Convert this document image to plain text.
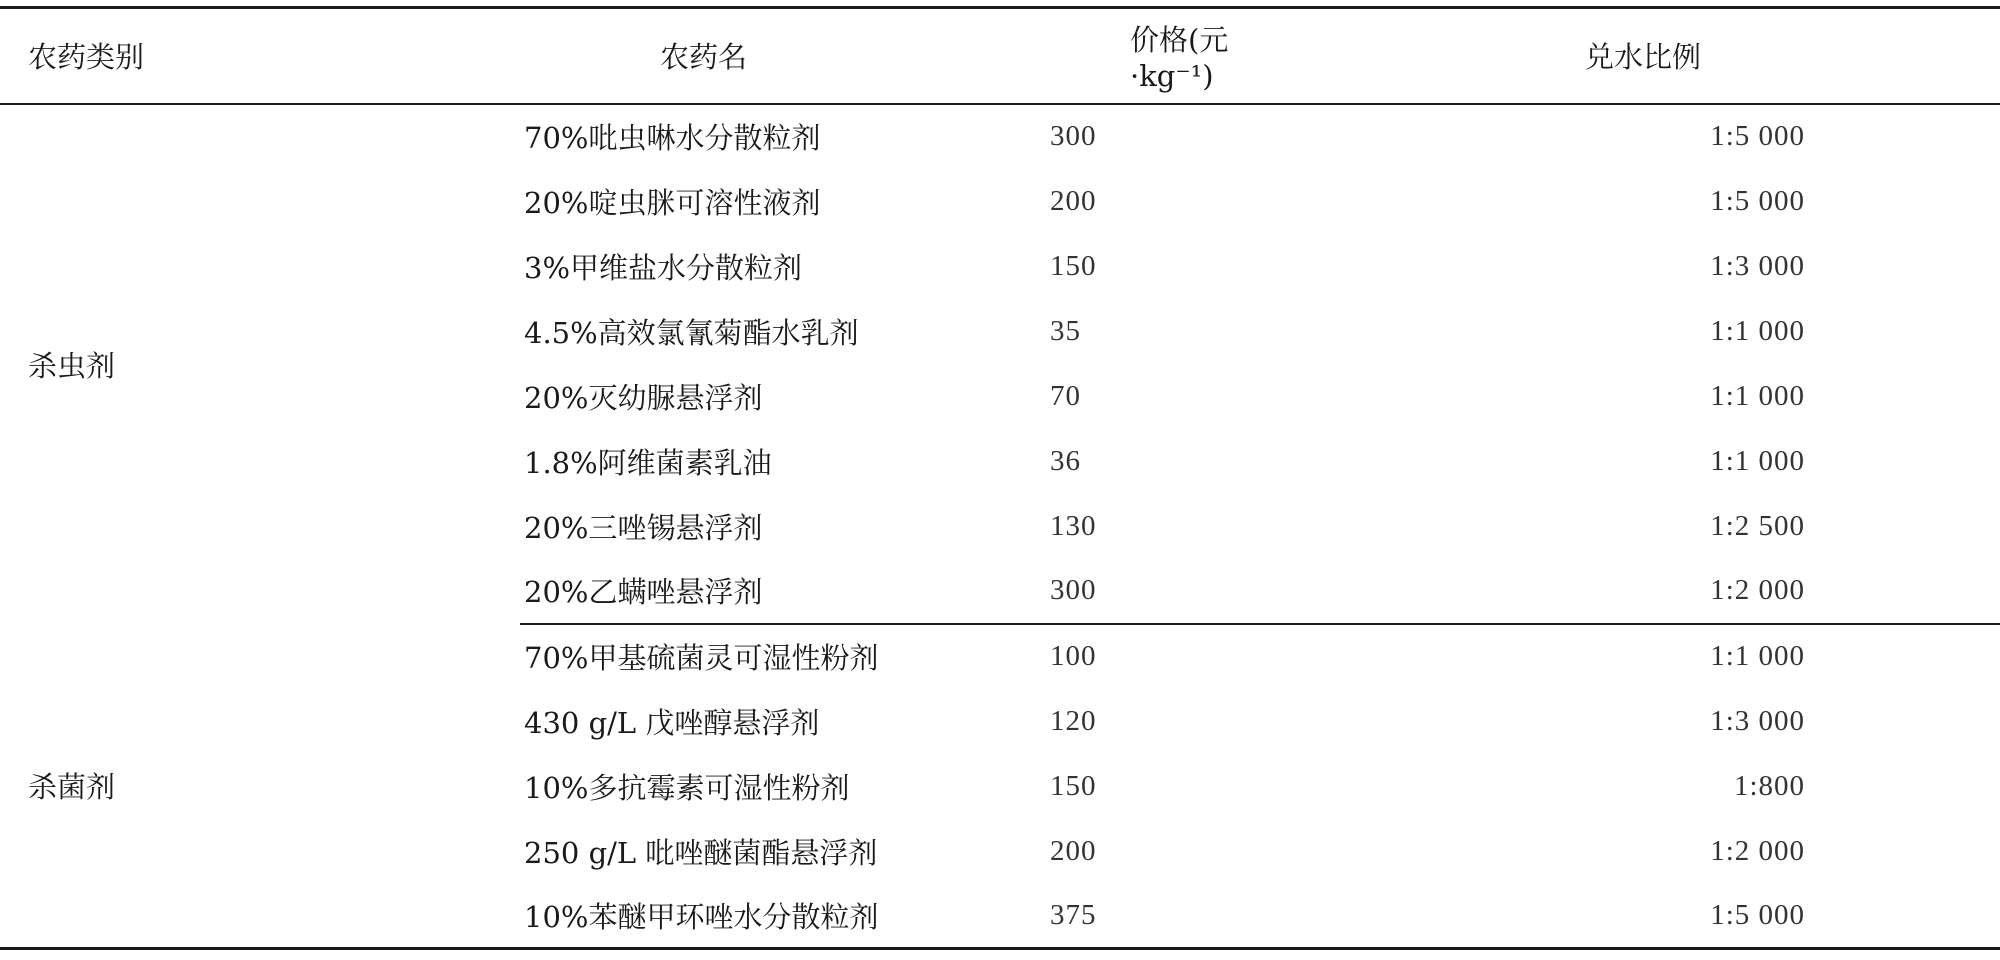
农药类别	农药名	价格(元·kg⁻¹)	兑水比例
杀虫剂	70%吡虫啉水分散粒剂	300	1:5 000
	20%啶虫脒可溶性液剂	200	1:5 000
	3%甲维盐水分散粒剂	150	1:3 000
	4.5%高效氯氰菊酯水乳剂	35	1:1 000
	20%灭幼脲悬浮剂	70	1:1 000
	1.8%阿维菌素乳油	36	1:1 000
	20%三唑锡悬浮剂	130	1:2 500
	20%乙螨唑悬浮剂	300	1:2 000
杀菌剂	70%甲基硫菌灵可湿性粉剂	100	1:1 000
	430 g/L 戊唑醇悬浮剂	120	1:3 000
	10%多抗霉素可湿性粉剂	150	1:800
	250 g/L 吡唑醚菌酯悬浮剂	200	1:2 000
	10%苯醚甲环唑水分散粒剂	375	1:5 000
